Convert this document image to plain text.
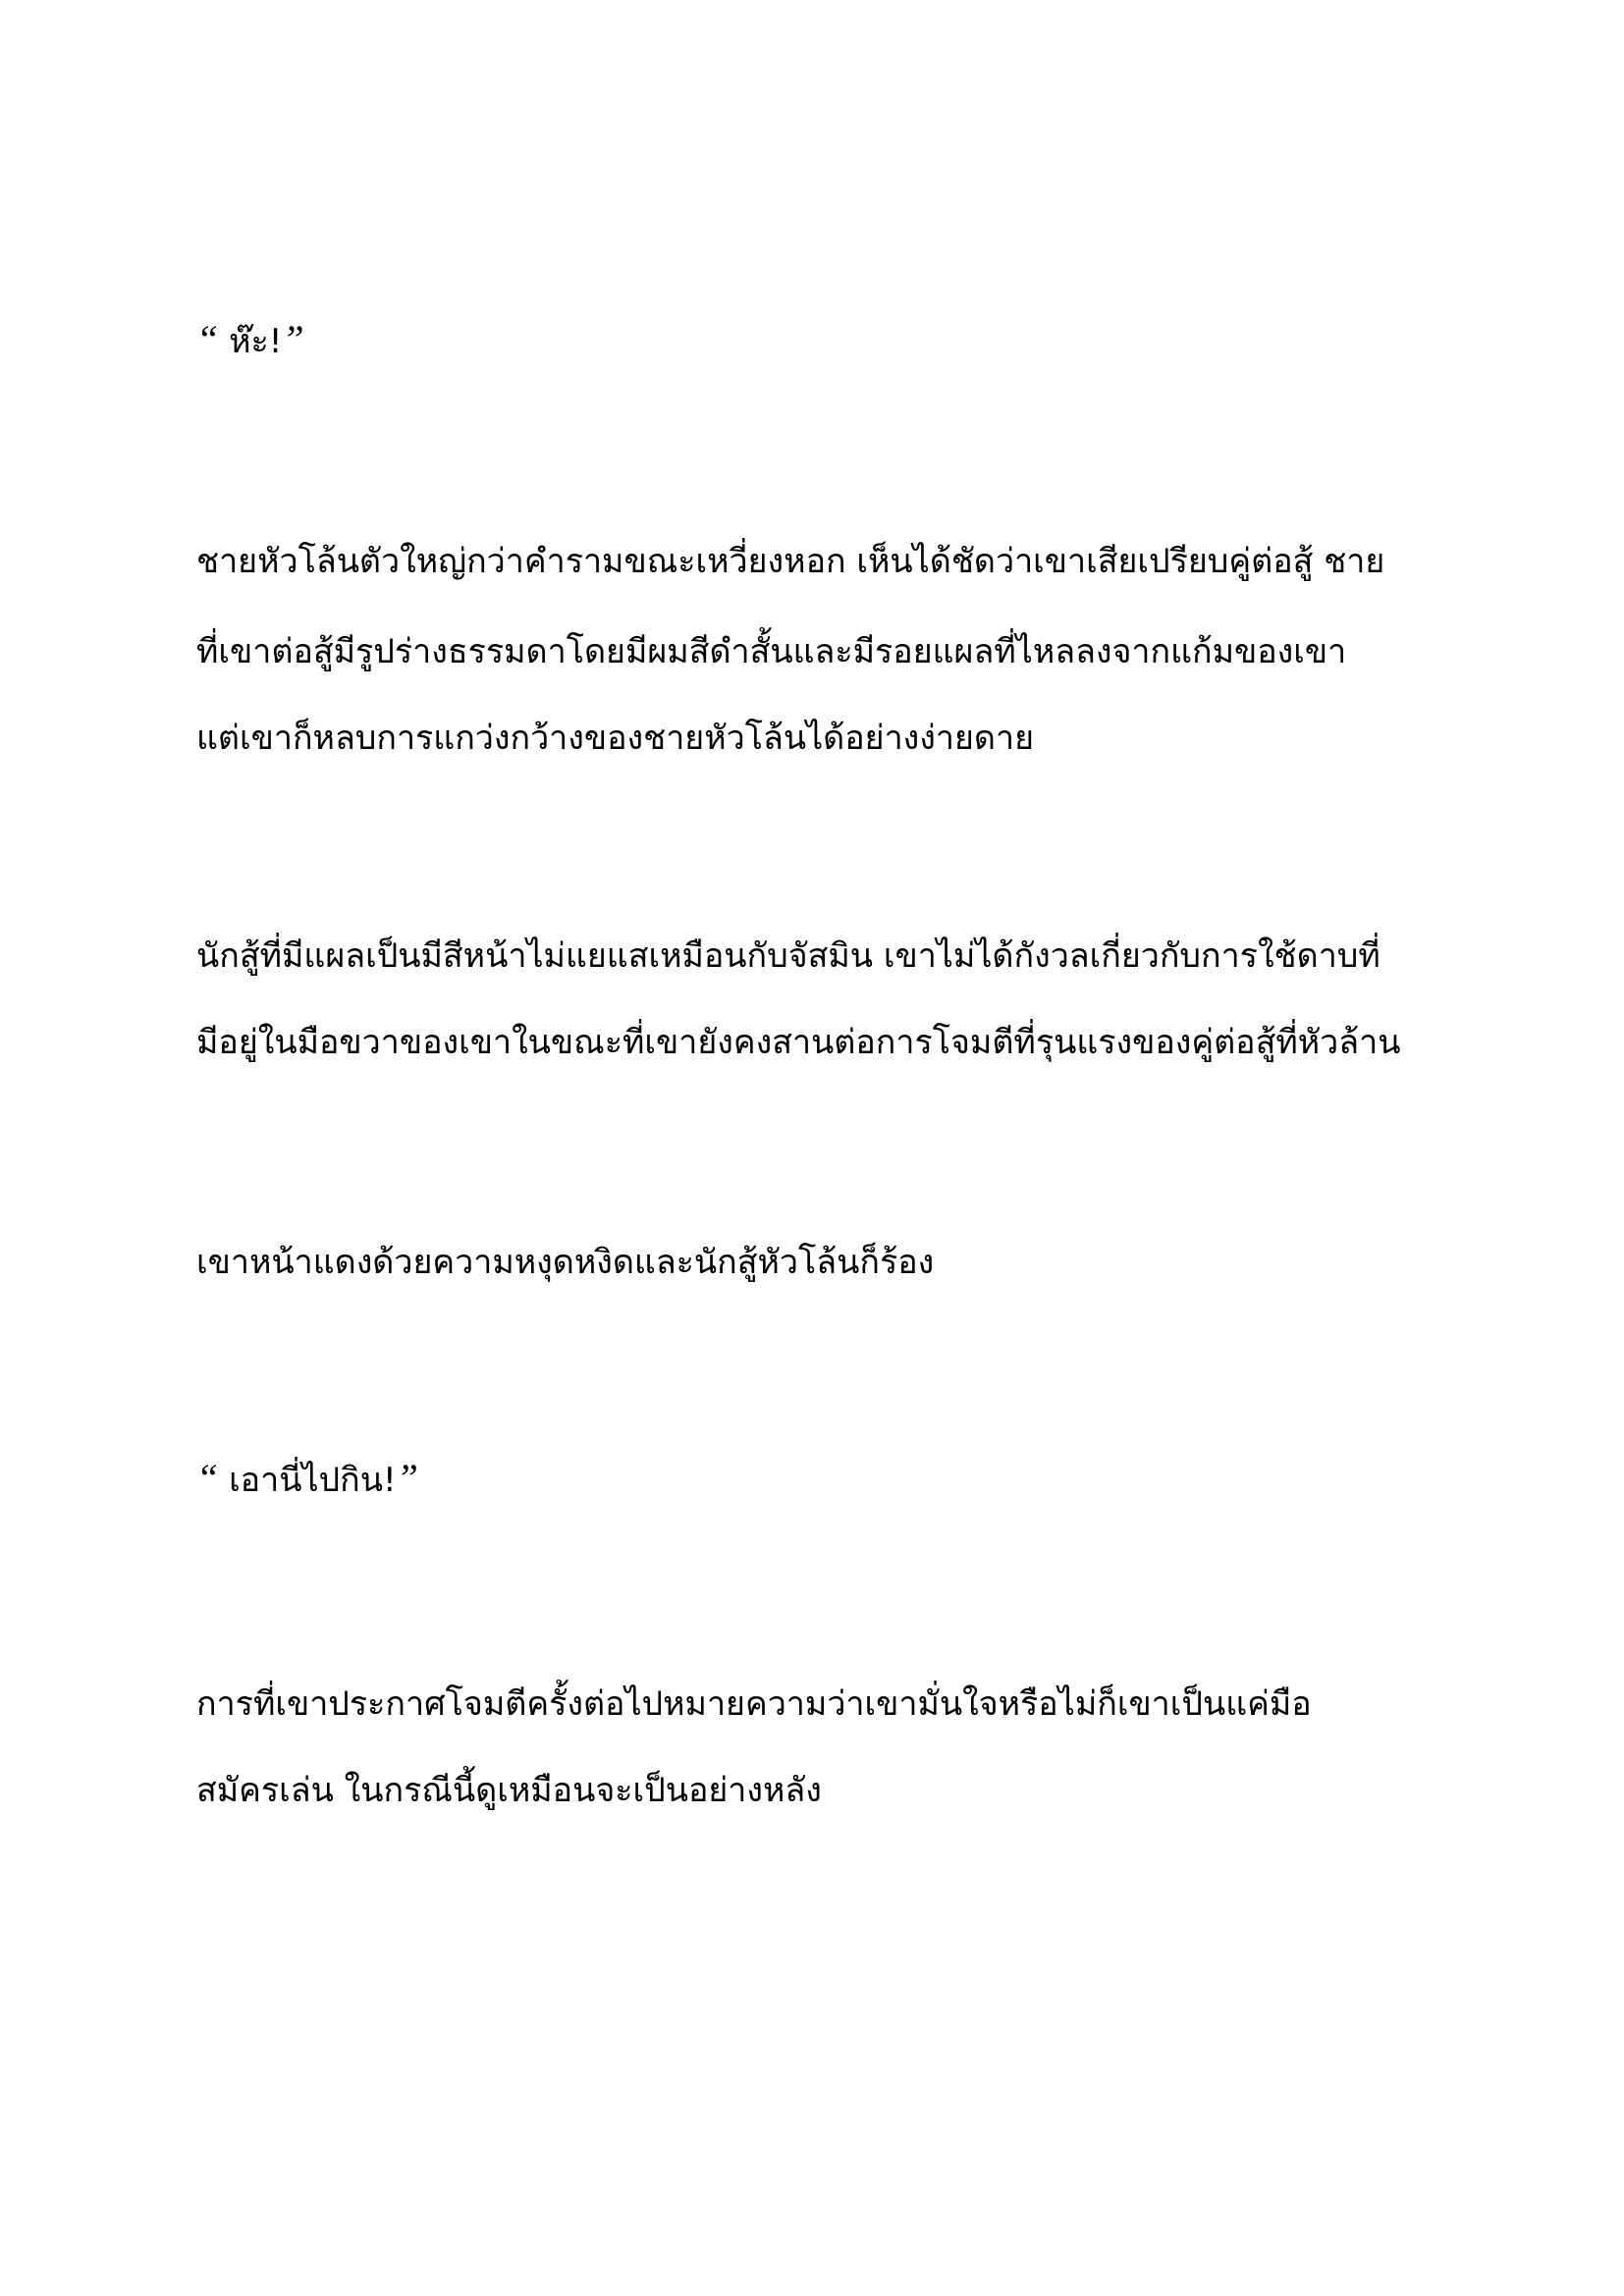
“ ห๊ะ!”

ชายหัวโล้นตัวใหญ่กว่าคำรามขณะเหวี่ยงหอก เห็นได้ชัดว่าเขาเสียเปรียบคู่ต่อสู้ ชาย

ที่เขาต่อสู้มีรูปร่างธรรมดาโดยมีผมสีดำสั้นและมีรอยแผลที่ไหลลงจากแก้มของเขา

แต่เขาก็หลบการแกว่งกว้างของชายหัวโล้นได้อย่างง่ายดาย

นักสู้ที่มีแผลเป็นมีสีหน้าไม่แยแสเหมือนกับจัสมิน เขาไม่ได้กังวลเกี่ยวกับการใช้ดาบที่

มีอยู่ในมือขวาของเขาในขณะที่เขายังคงสานต่อการโจมตีที่รุนแรงของคู่ต่อสู้ที่หัวล้าน

เขาหน้าแดงด้วยความหงุดหงิดและนักสู้หัวโล้นก็ร้อง

“ เอานี่ไปกิน!”

การที่เขาประกาศโจมตีครั้งต่อไปหมายความว่าเขามั่นใจหรือไม่ก็เขาเป็นแค่มือ

สมัครเล่น ในกรณีนี้ดูเหมือนจะเป็นอย่างหลัง
